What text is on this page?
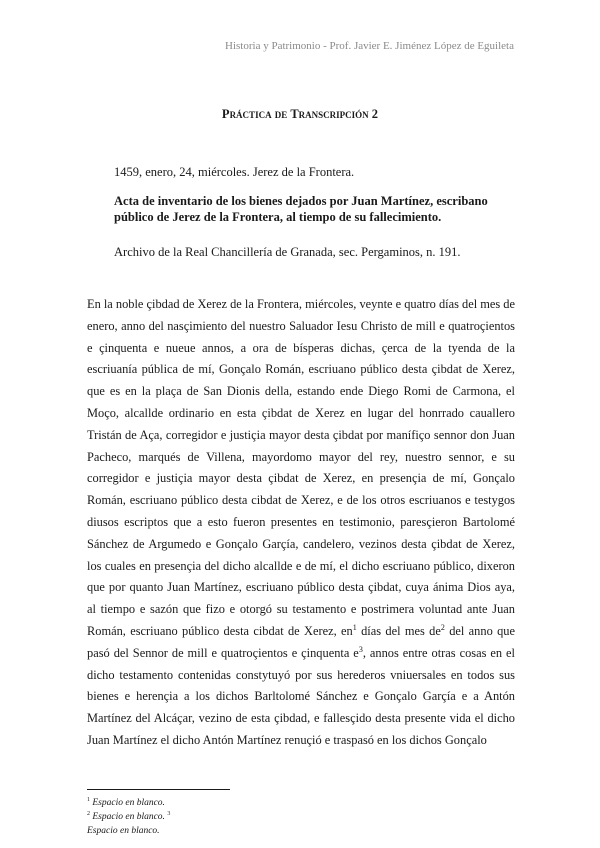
Historia y Patrimonio - Prof. Javier E. Jiménez López de Eguileta
Práctica de Transcripción 2
1459, enero, 24, miércoles. Jerez de la Frontera.
Acta de inventario de los bienes dejados por Juan Martínez, escribano público de Jerez de la Frontera, al tiempo de su fallecimiento.
Archivo de la Real Chancillería de Granada, sec. Pergaminos, n. 191.

En la noble çibdad de Xerez de la Frontera, miércoles, veynte e quatro días del mes de enero, anno del nasçimiento del nuestro Saluador Iesu Christo de mill e quatroçientos e çinquenta e nueue annos, a ora de bísperas dichas, çerca de la tyenda de la escriuanía pública de mí, Gonçalo Román, escriuano público desta çibdat de Xerez, que es en la plaça de San Dionis della, estando ende Diego Romi de Carmona, el Moço, alcallde ordinario en esta çibdat de Xerez en lugar del honrrado cauallero Tristán de Aça, corregidor e justiçia mayor desta çibdat por manífiço sennor don Juan Pacheco, marqués de Villena, mayordomo mayor del rey, nuestro sennor, e su corregidor e justiçia mayor desta çibdat de Xerez, en presençia de mí, Gonçalo Román, escriuano público desta cibdat de Xerez, e de los otros escriuanos e testygos diusos escriptos que a esto fueron presentes en testimonio, paresçieron Bartolomé Sánchez de Argumedo e Gonçalo Garçía, candelero, vezinos desta çibdat de Xerez, los cuales en presençia del dicho alcallde e de mí, el dicho escriuano público, dixeron que por quanto Juan Martínez, escriuano público desta çibdat, cuya ánima Dios aya, al tiempo e sazón que fizo e otorgó su testamento e postrimera voluntad ante Juan Román, escriuano público desta cibdat de Xerez, $en^1$ días del mes $de^2$ del anno que pasó del Sennor de mill e quatroçientos e çinquenta $e^3$, annos entre otras cosas en el dicho testamento contenidas constytuyó por sus herederos vniuersales en todos sus bienes e herençia a los dichos Barltolomé Sánchez e Gonçalo Garçía e a Antón Martínez del Alcáçar, vezino de esta çibdad, e fallesçido desta presente vida el dicho Juan Martínez el dicho Antón Martínez renuçió e traspasó en los dichos Gonçalo

$^1$ Espacio en blanco.
$^2$ Espacio en blanco. $^3$
Espacio en blanco.
